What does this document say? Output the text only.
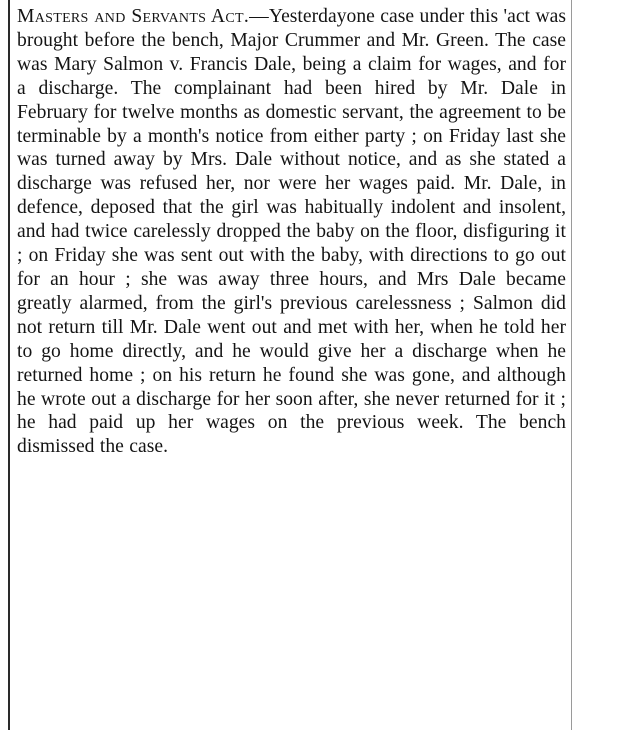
Masters and Servants Act.—Yesterdayone case under this 'act was brought before the bench, Major Crummer and Mr. Green. The case was Mary Salmon v. Francis Dale, being a claim for wages, and for a discharge. The complainant had been hired by Mr. Dale in February for twelve months as domestic servant, the agreement to be terminable by a month's notice from either party ; on Friday last she was turned away by Mrs. Dale without notice, and as she stated a discharge was refused her, nor were her wages paid. Mr. Dale, in defence, deposed that the girl was habitually indolent and insolent, and had twice carelessly dropped the baby on the floor, disfiguring it ; on Friday she was sent out with the baby, with directions to go out for an hour ; she was away three hours, and Mrs Dale became greatly alarmed, from the girl's previous carelessness ; Salmon did not return till Mr. Dale went out and met with her, when he told her to go home directly, and he would give her a discharge when he returned home ; on his return he found she was gone, and although he wrote out a discharge for her soon after, she never returned for it ; he had paid up her wages on the previous week. The bench dismissed the case.
